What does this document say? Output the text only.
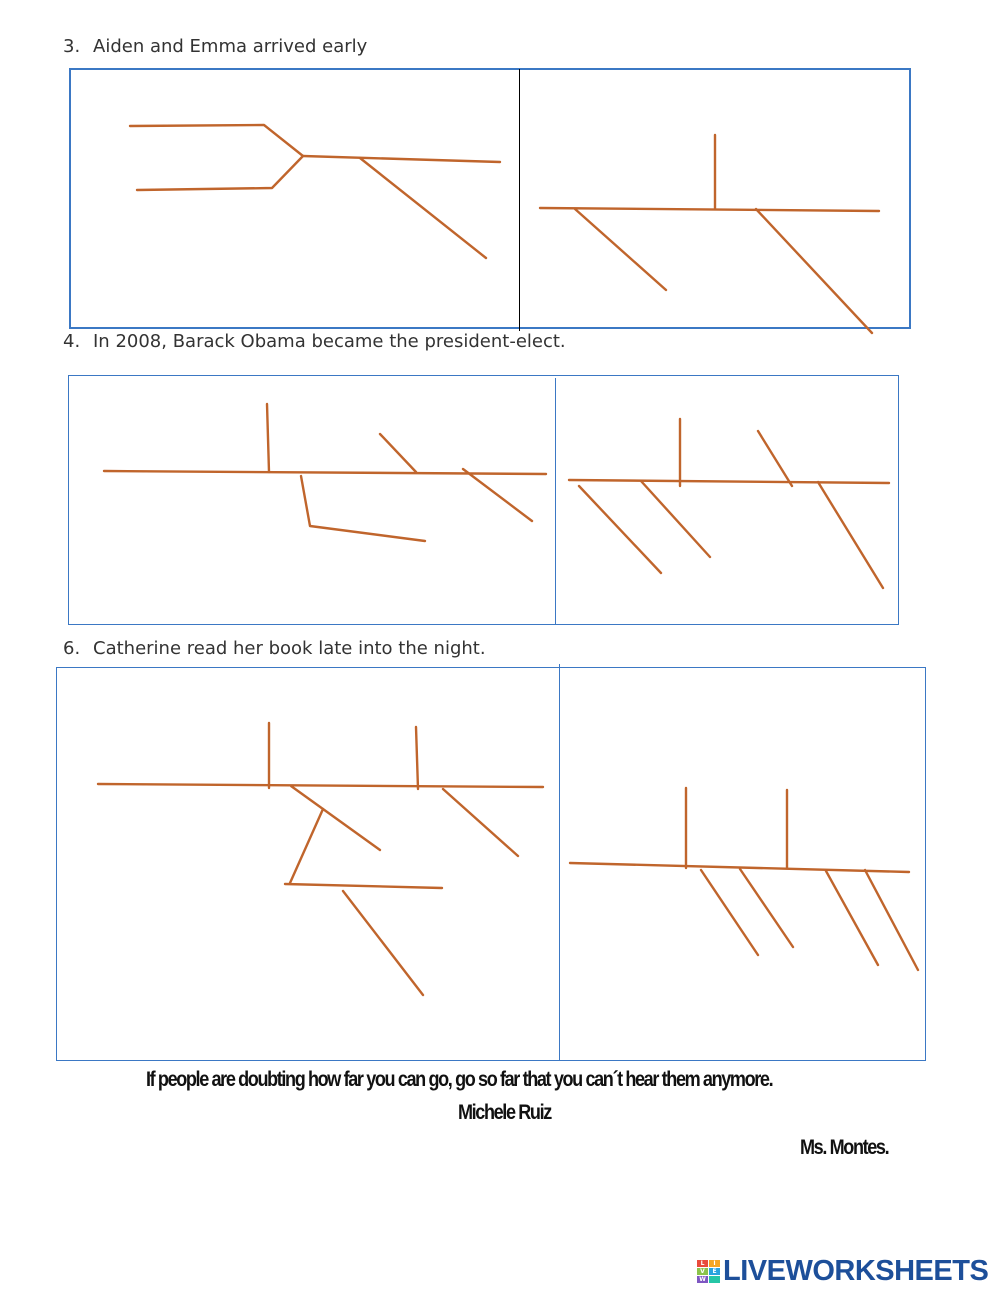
3. Aiden and Emma arrived early
4. In 2008, Barack Obama became the president-elect.
6. Catherine read her book late into the night.
If people are doubting how far you can go, go so far that you can´t hear them anymore.
Michele Ruiz
Ms. Montes.
L	I
V	E
W LIVEWORKSHEETS
